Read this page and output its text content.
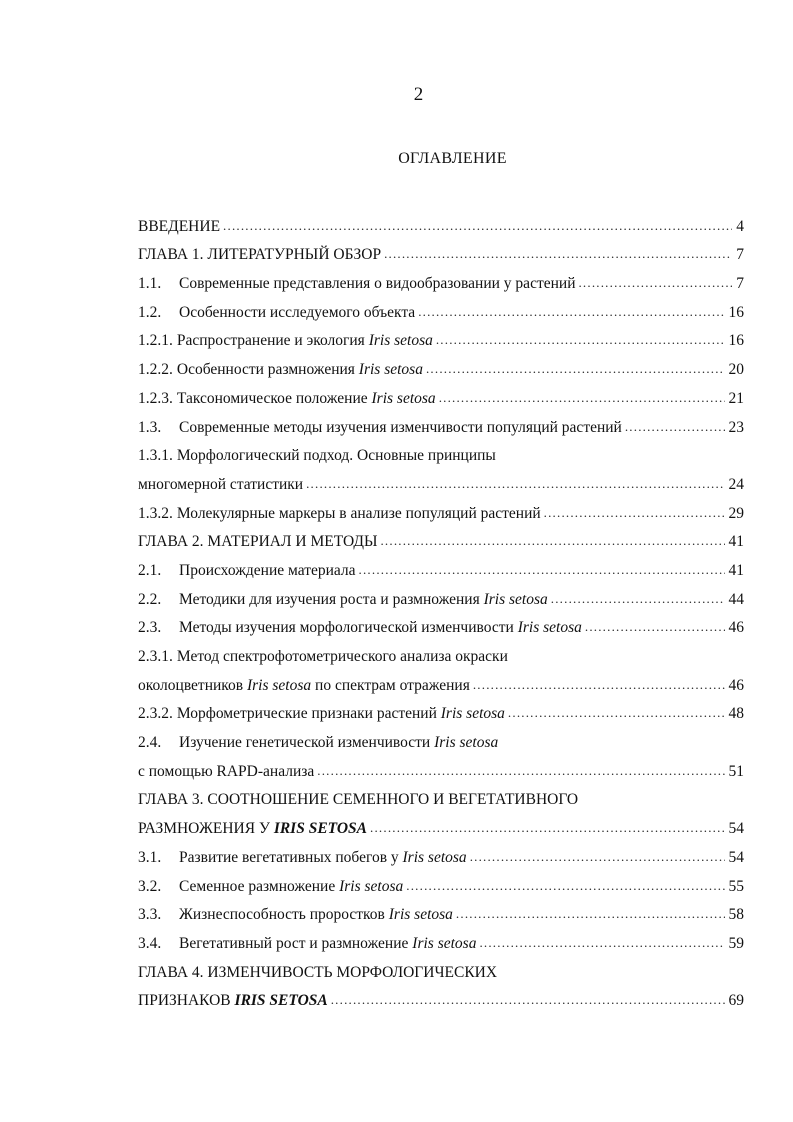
2
ОГЛАВЛЕНИЕ
ВВЕДЕНИЕ .....	4
ГЛАВА 1. ЛИТЕРАТУРНЫЙ ОБЗОР .....	7
1.1. Современные представления о видообразовании у растений .....	7
1.2. Особенности исследуемого объекта .....	16
1.2.1. Распространение и экология Iris setosa .....	16
1.2.2. Особенности размножения Iris setosa .....	20
1.2.3. Таксономическое положение Iris setosa .....	21
1.3. Современные методы изучения изменчивости популяций растений .....	23
1.3.1. Морфологический подход. Основные принципы
многомерной статистики .....	24
1.3.2. Молекулярные маркеры в анализе популяций растений .....	29
ГЛАВА 2. МАТЕРИАЛ И МЕТОДЫ .....	41
2.1. Происхождение материала .....	41
2.2. Методики для изучения роста и размножения Iris setosa .....	44
2.3. Методы изучения морфологической изменчивости Iris setosa .....	46
2.3.1. Метод спектрофотометрического анализа окраски
околоцветников Iris setosa по спектрам отражения .....	46
2.3.2. Морфометрические признаки растений Iris setosa .....	48
2.4. Изучение генетической изменчивости Iris setosa
с помощью RAPD-анализа .....	51
ГЛАВА 3. СООТНОШЕНИЕ СЕМЕННОГО И ВЕГЕТАТИВНОГО
РАЗМНОЖЕНИЯ У IRIS SETOSA .....	54
3.1. Развитие вегетативных побегов у Iris setosa .....	54
3.2. Семенное размножение Iris setosa .....	55
3.3. Жизнеспособность проростков Iris setosa .....	58
3.4. Вегетативный рост и размножение Iris setosa .....	59
ГЛАВА 4. ИЗМЕНЧИВОСТЬ МОРФОЛОГИЧЕСКИХ
ПРИЗНАКОВ IRIS SETOSA .....	69
